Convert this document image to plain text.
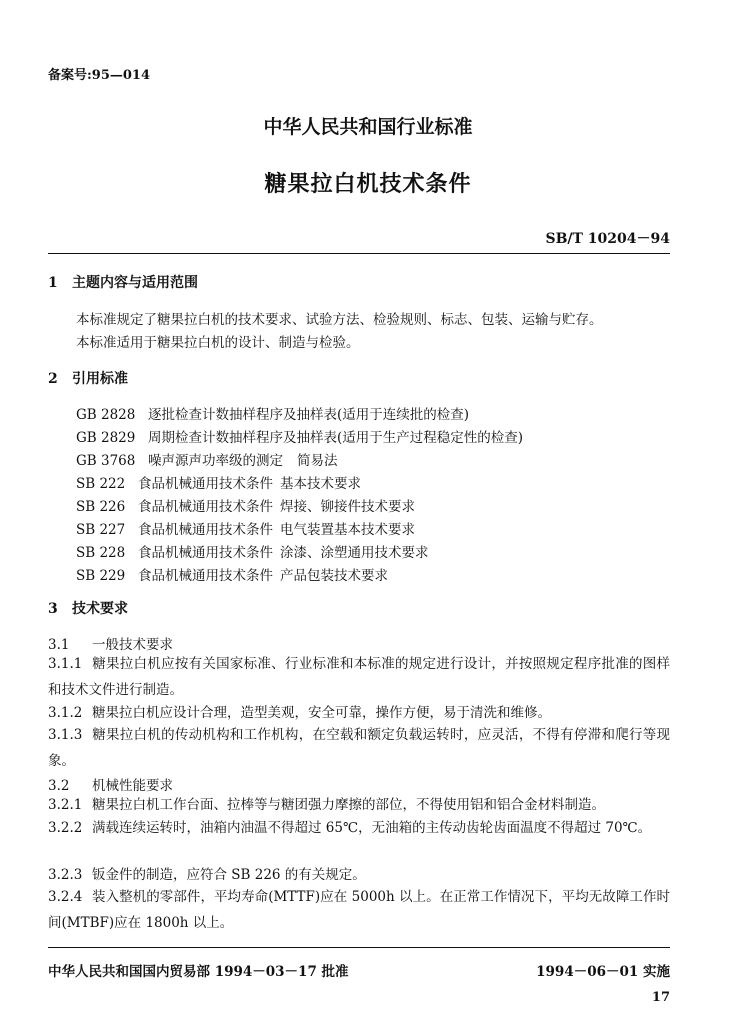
备案号:95—014
中华人民共和国行业标准
糖果拉白机技术条件
SB/T 10204－94
1 主题内容与适用范围
本标准规定了糖果拉白机的技术要求、试验方法、检验规则、标志、包装、运输与贮存。
本标准适用于糖果拉白机的设计、制造与检验。
2 引用标准
GB 2828 逐批检查计数抽样程序及抽样表(适用于连续批的检查)
GB 2829 周期检查计数抽样程序及抽样表(适用于生产过程稳定性的检查)
GB 3768 噪声源声功率级的测定 简易法
SB 222 食品机械通用技术条件 基本技术要求
SB 226 食品机械通用技术条件 焊接、铆接件技术要求
SB 227 食品机械通用技术条件 电气装置基本技术要求
SB 228 食品机械通用技术条件 涂漆、涂塑通用技术要求
SB 229 食品机械通用技术条件 产品包装技术要求
3 技术要求
3.1 一般技术要求
3.1.1 糖果拉白机应按有关国家标准、行业标准和本标准的规定进行设计，并按照规定程序批准的图样和技术文件进行制造。
3.1.2 糖果拉白机应设计合理，造型美观，安全可靠，操作方便，易于清洗和维修。
3.1.3 糖果拉白机的传动机构和工作机构，在空载和额定负载运转时，应灵活，不得有停滞和爬行等现象。
3.2 机械性能要求
3.2.1 糖果拉白机工作台面、拉棒等与糖团强力摩擦的部位，不得使用铝和铝合金材料制造。
3.2.2 满载连续运转时，油箱内油温不得超过 65℃，无油箱的主传动齿轮齿面温度不得超过 70℃。
3.2.3 钣金件的制造，应符合 SB 226 的有关规定。
3.2.4 装入整机的零部件，平均寿命(MTTF)应在 5000h 以上。在正常工作情况下，平均无故障工作时间(MTBF)应在 1800h 以上。
中华人民共和国国内贸易部 1994－03－17 批准	1994－06－01 实施
17
